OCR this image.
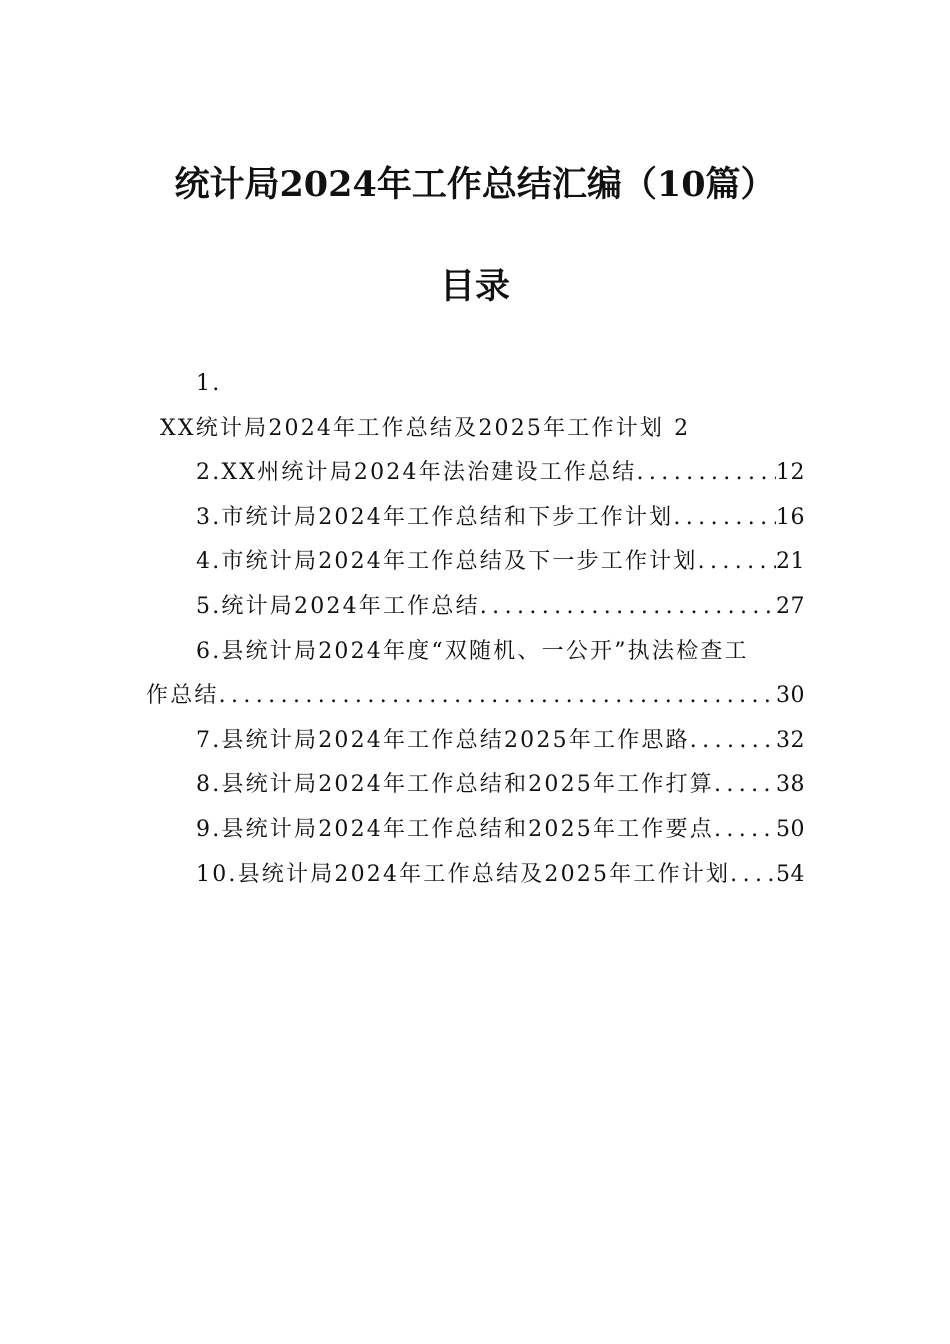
统计局2024年工作总结汇编（10篇）
目录
1.
XX统计局2024年工作总结及2025年工作计划 2
2. XX州统计局2024年法治建设工作总结 .....	12
3. 市统计局2024年工作总结和下步工作计划 .....	16
4. 市统计局2024年工作总结及下一步工作计划 .....	21
5. 统计局2024年工作总结 .....	27
6. 县统计局2024年度“双随机、一公开”执法检查工
作总结 .....	30
7. 县统计局2024年工作总结2025年工作思路 .....	32
8. 县统计局2024年工作总结和2025年工作打算 .....	38
9. 县统计局2024年工作总结和2025年工作要点 .....	50
10. 县统计局2024年工作总结及2025年工作计划 ..... 54
